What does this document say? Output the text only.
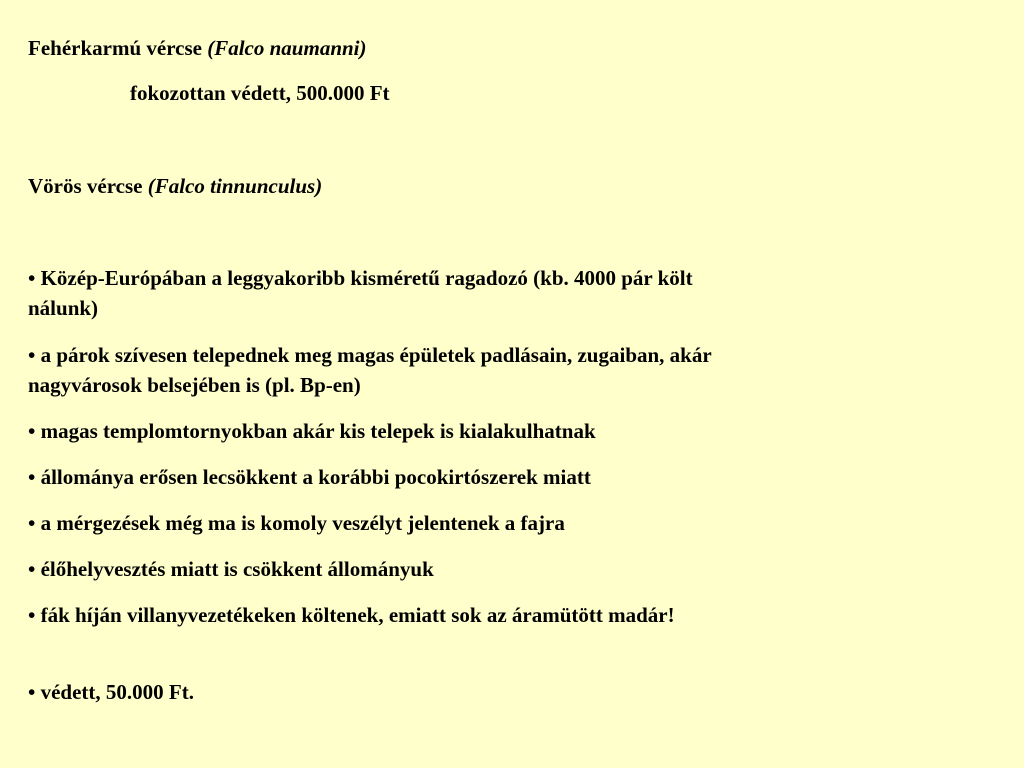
Fehérkarmú vércse (Falco naumanni)
fokozottan védett, 500.000 Ft
Vörös vércse (Falco tinnunculus)
• Közép-Európában a leggyakoribb kisméretű ragadozó (kb. 4000 pár költ nálunk)
• a párok szívesen telepednek meg magas épületek padlásain, zugaiban, akár nagyvárosok belsejében is (pl. Bp-en)
• magas templomtornyokban akár kis telepek is kialakulhatnak
• állománya erősen lecsökkent a korábbi pocokirtószerek miatt
• a mérgezések még ma is komoly veszélyt jelentenek a fajra
• élőhelyvesztés miatt is csökkent állományuk
• fák híján villanyvezetékeken költenek, emiatt sok az áramütött madár!
• védett, 50.000 Ft.
